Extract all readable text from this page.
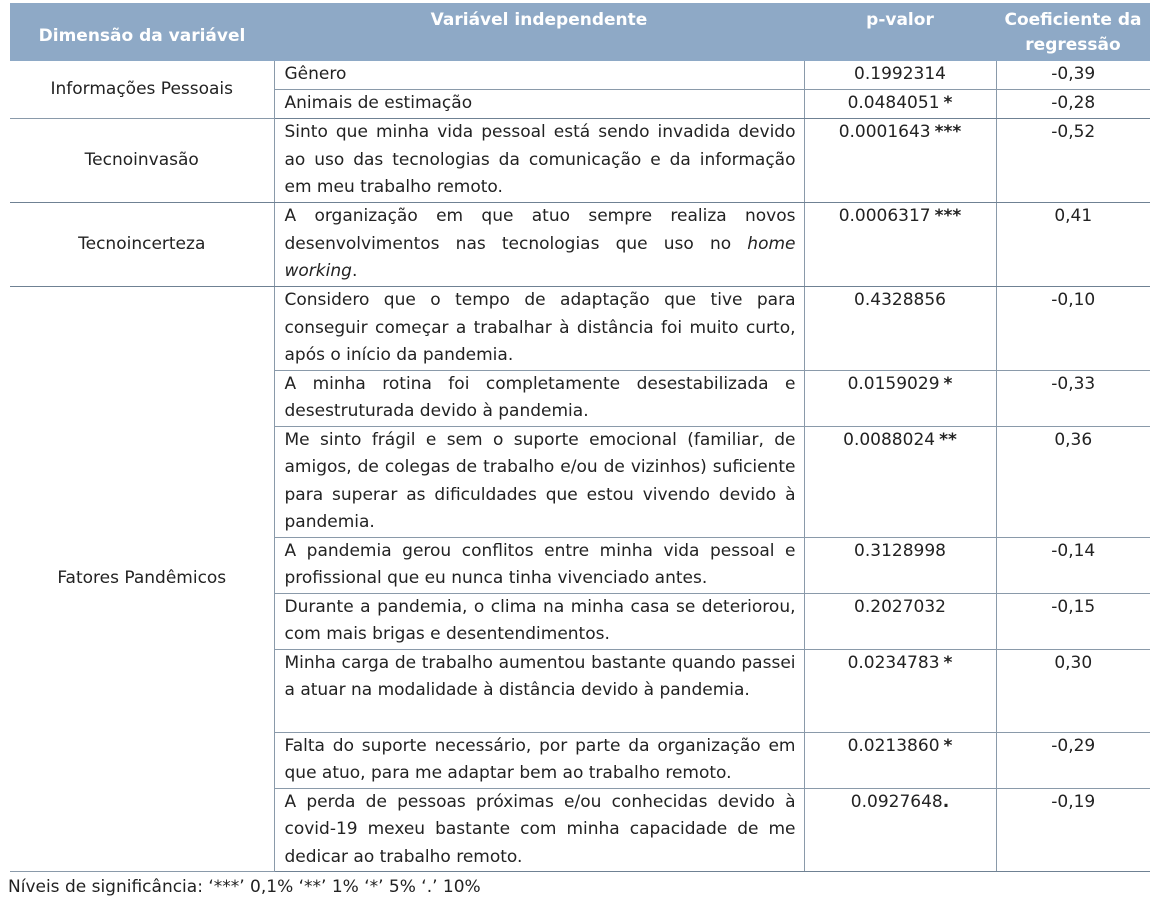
Dimensão da variável	Variável independente	p-valor	Coeficiente da
regressão
Informações Pessoais	Gênero	0.1992314	-0,39
	Animais de estimação	0.0484051 *	-0,28
Tecnoinvasão	Sinto que minha vida pessoal está sendo invadida devido ao uso das tecnologias da comunicação e da informação em meu trabalho remoto.	0.0001643 ***	-0,52
Tecnoincerteza	A organização em que atuo sempre realiza novos desenvolvimentos nas tecnologias que uso no home working.	0.0006317 ***	0,41
Fatores Pandêmicos	Considero que o tempo de adaptação que tive para conseguir começar a trabalhar à distância foi muito curto, após o início da pandemia.	0.4328856	-0,10
	A minha rotina foi completamente desestabilizada e desestruturada devido à pandemia.	0.0159029 *	-0,33
	Me sinto frágil e sem o suporte emocional (familiar, de amigos, de colegas de trabalho e/ou de vizinhos) suficiente para superar as dificuldades que estou vivendo devido à pandemia.	0.0088024 **	0,36
	A pandemia gerou conflitos entre minha vida pessoal e profissional que eu nunca tinha vivenciado antes.	0.3128998	-0,14
	Durante a pandemia, o clima na minha casa se deteriorou, com mais brigas e desentendimentos.	0.2027032	-0,15
	Minha carga de trabalho aumentou bastante quando passei a atuar na modalidade à distância devido à pandemia.	0.0234783 *	0,30
	Falta do suporte necessário, por parte da organização em que atuo, para me adaptar bem ao trabalho remoto.	0.0213860 *	-0,29
	A perda de pessoas próximas e/ou conhecidas devido à covid-19 mexeu bastante com minha capacidade de me dedicar ao trabalho remoto.	0.0927648.	-0,19
Níveis de significância: ‘***’ 0,1% ‘**’ 1% ‘*’ 5% ‘.’ 10%
